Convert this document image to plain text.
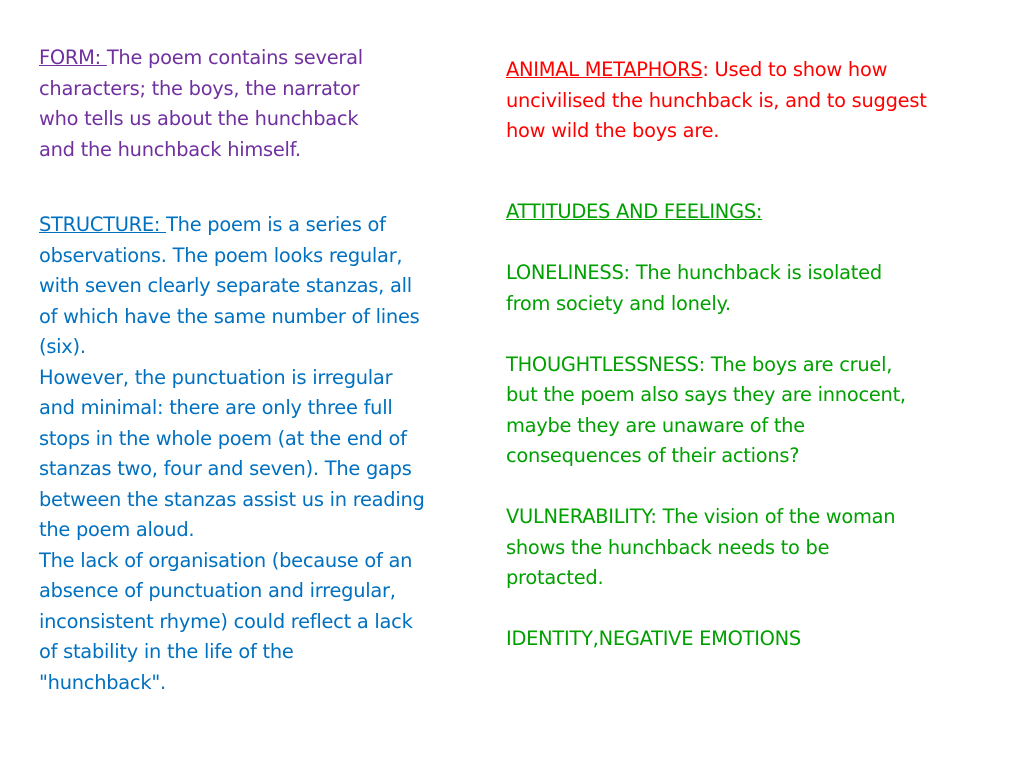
FORM: The poem contains several
characters; the boys, the narrator
who tells us about the hunchback
and the hunchback himself.
STRUCTURE: The poem is a series of
observations. The poem looks regular,
with seven clearly separate stanzas, all
of which have the same number of lines
(six).
However, the punctuation is irregular
and minimal: there are only three full
stops in the whole poem (at the end of
stanzas two, four and seven). The gaps
between the stanzas assist us in reading
the poem aloud.
The lack of organisation (because of an
absence of punctuation and irregular,
inconsistent rhyme) could reflect a lack
of stability in the life of the
"hunchback".
ANIMAL METAPHORS: Used to show how
uncivilised the hunchback is, and to suggest
how wild the boys are.
ATTITUDES AND FEELINGS:
LONELINESS: The hunchback is isolated
from society and lonely.
THOUGHTLESSNESS: The boys are cruel,
but the poem also says they are innocent,
maybe they are unaware of the
consequences of their actions?
VULNERABILITY: The vision of the woman
shows the hunchback needs to be
protacted.
IDENTITY,NEGATIVE EMOTIONS
